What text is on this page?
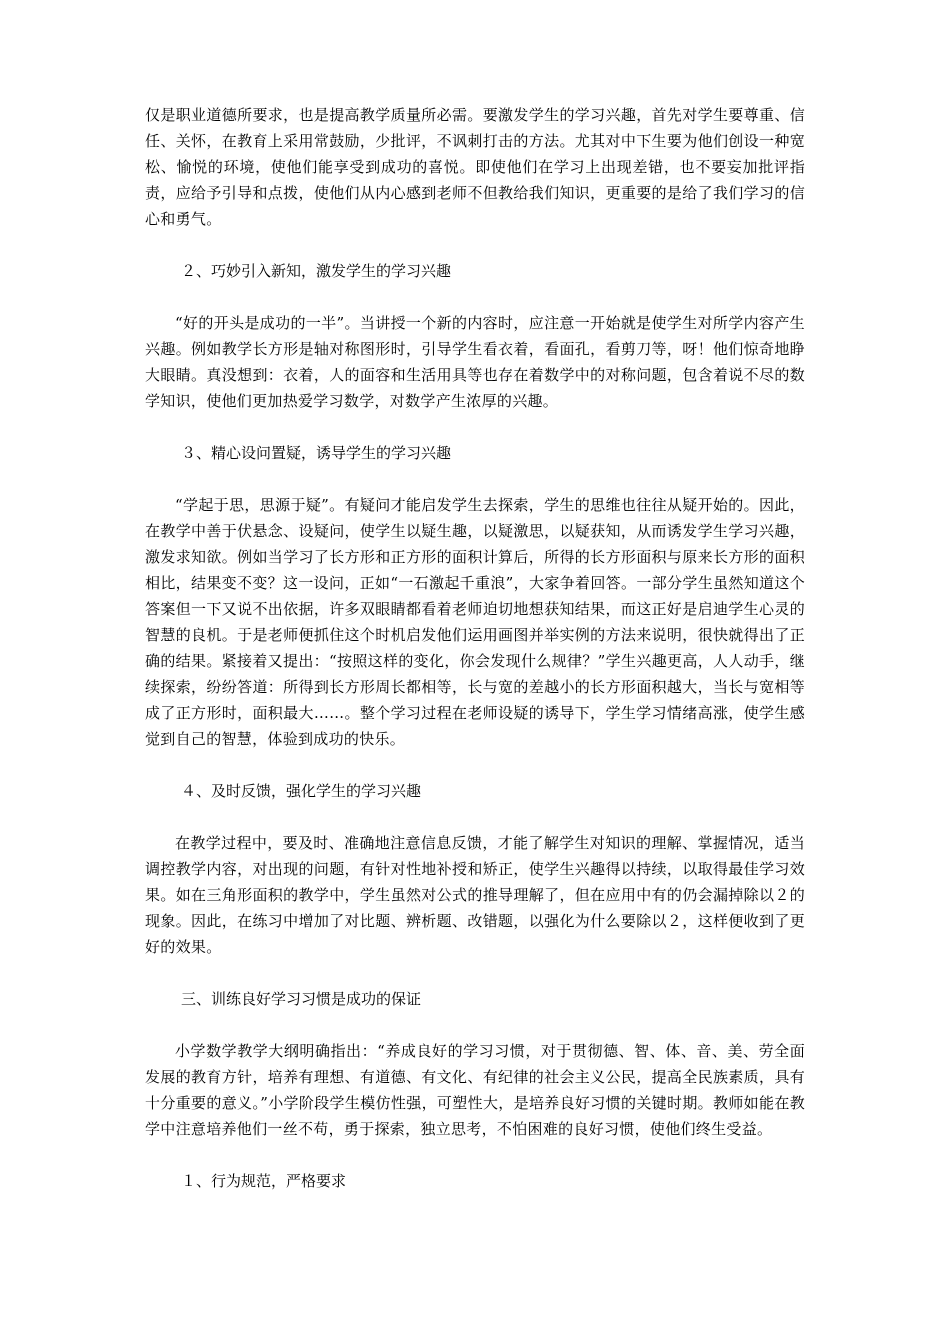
仅是职业道德所要求，也是提高教学质量所必需。要激发学生的学习兴趣，首先对学生要尊重、信任、关怀，在教育上采用常鼓励，少批评，不讽刺打击的方法。尤其对中下生要为他们创设一种宽松、愉悦的环境，使他们能享受到成功的喜悦。即使他们在学习上出现差错，也不要妄加批评指责，应给予引导和点拨，使他们从内心感到老师不但教给我们知识，更重要的是给了我们学习的信心和勇气。

２、巧妙引入新知，激发学生的学习兴趣

“好的开头是成功的一半”。当讲授一个新的内容时，应注意一开始就是使学生对所学内容产生兴趣。例如教学长方形是轴对称图形时，引导学生看衣着，看面孔，看剪刀等，呀！他们惊奇地睁大眼睛。真没想到：衣着，人的面容和生活用具等也存在着数学中的对称问题，包含着说不尽的数学知识，使他们更加热爱学习数学，对数学产生浓厚的兴趣。

３、精心设问置疑，诱导学生的学习兴趣

“学起于思，思源于疑”。有疑问才能启发学生去探索，学生的思维也往往从疑开始的。因此，在教学中善于伏悬念、设疑问，使学生以疑生趣，以疑激思，以疑获知，从而诱发学生学习兴趣，激发求知欲。例如当学习了长方形和正方形的面积计算后，所得的长方形面积与原来长方形的面积相比，结果变不变？这一设问，正如“一石激起千重浪”，大家争着回答。一部分学生虽然知道这个答案但一下又说不出依据，许多双眼睛都看着老师迫切地想获知结果，而这正好是启迪学生心灵的智慧的良机。于是老师便抓住这个时机启发他们运用画图并举实例的方法来说明，很快就得出了正确的结果。紧接着又提出：“按照这样的变化，你会发现什么规律？”学生兴趣更高，人人动手，继续探索，纷纷答道：所得到长方形周长都相等，长与宽的差越小的长方形面积越大，当长与宽相等成了正方形时，面积最大……。整个学习过程在老师设疑的诱导下，学生学习情绪高涨，使学生感觉到自己的智慧，体验到成功的快乐。

４、及时反馈，强化学生的学习兴趣

在教学过程中，要及时、准确地注意信息反馈，才能了解学生对知识的理解、掌握情况，适当调控教学内容，对出现的问题，有针对性地补授和矫正，使学生兴趣得以持续，以取得最佳学习效果。如在三角形面积的教学中，学生虽然对公式的推导理解了，但在应用中有的仍会漏掉除以２的现象。因此，在练习中增加了对比题、辨析题、改错题，以强化为什么要除以２，这样便收到了更好的效果。

三、训练良好学习习惯是成功的保证

小学数学教学大纲明确指出：“养成良好的学习习惯，对于贯彻德、智、体、音、美、劳全面发展的教育方针，培养有理想、有道德、有文化、有纪律的社会主义公民，提高全民族素质，具有十分重要的意义。”小学阶段学生模仿性强，可塑性大，是培养良好习惯的关键时期。教师如能在教学中注意培养他们一丝不苟，勇于探索，独立思考，不怕困难的良好习惯，使他们终生受益。

１、行为规范，严格要求
